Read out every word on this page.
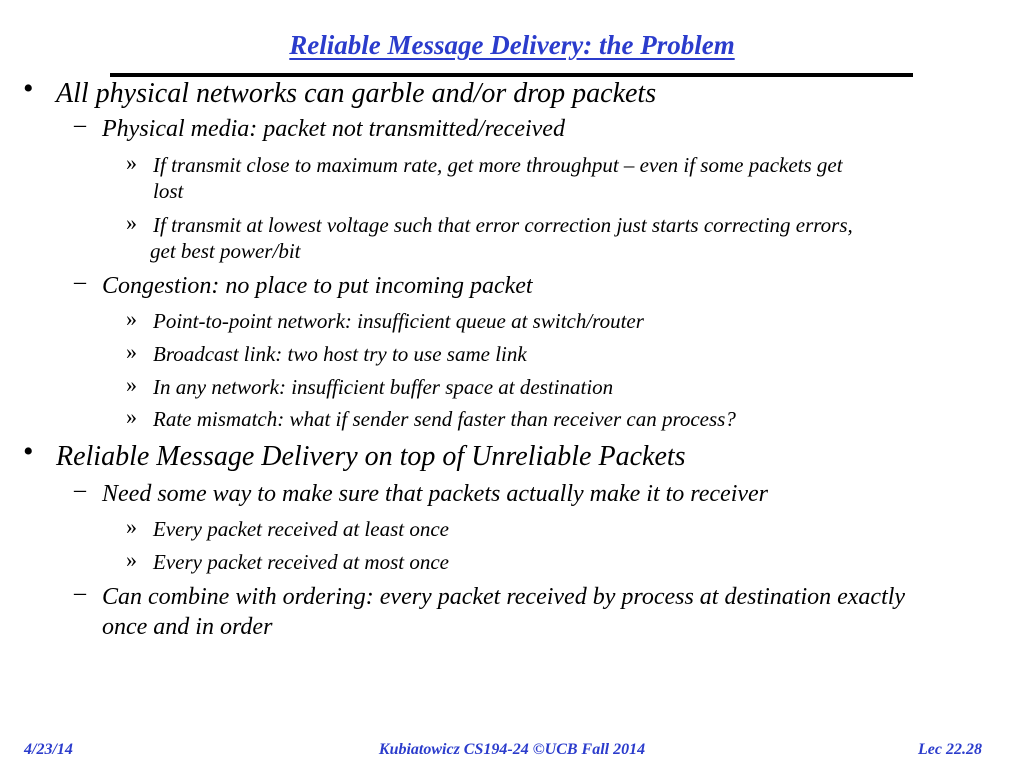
Reliable Message Delivery: the Problem
• All physical networks can garble and/or drop packets
– Physical media: packet not transmitted/received
» If transmit close to maximum rate, get more throughput – even if some packets get
lost
» If transmit at lowest voltage such that error correction just starts correcting errors,
get best power/bit
– Congestion: no place to put incoming packet
» Point-to-point network: insufficient queue at switch/router
» Broadcast link: two host try to use same link
» In any network: insufficient buffer space at destination
» Rate mismatch: what if sender send faster than receiver can process?
• Reliable Message Delivery on top of Unreliable Packets
– Need some way to make sure that packets actually make it to receiver
» Every packet received at least once
» Every packet received at most once
– Can combine with ordering: every packet received by process at destination exactly
once and in order
4/23/14	Kubiatowicz CS194-24 ©UCB Fall 2014	Lec 22.28
